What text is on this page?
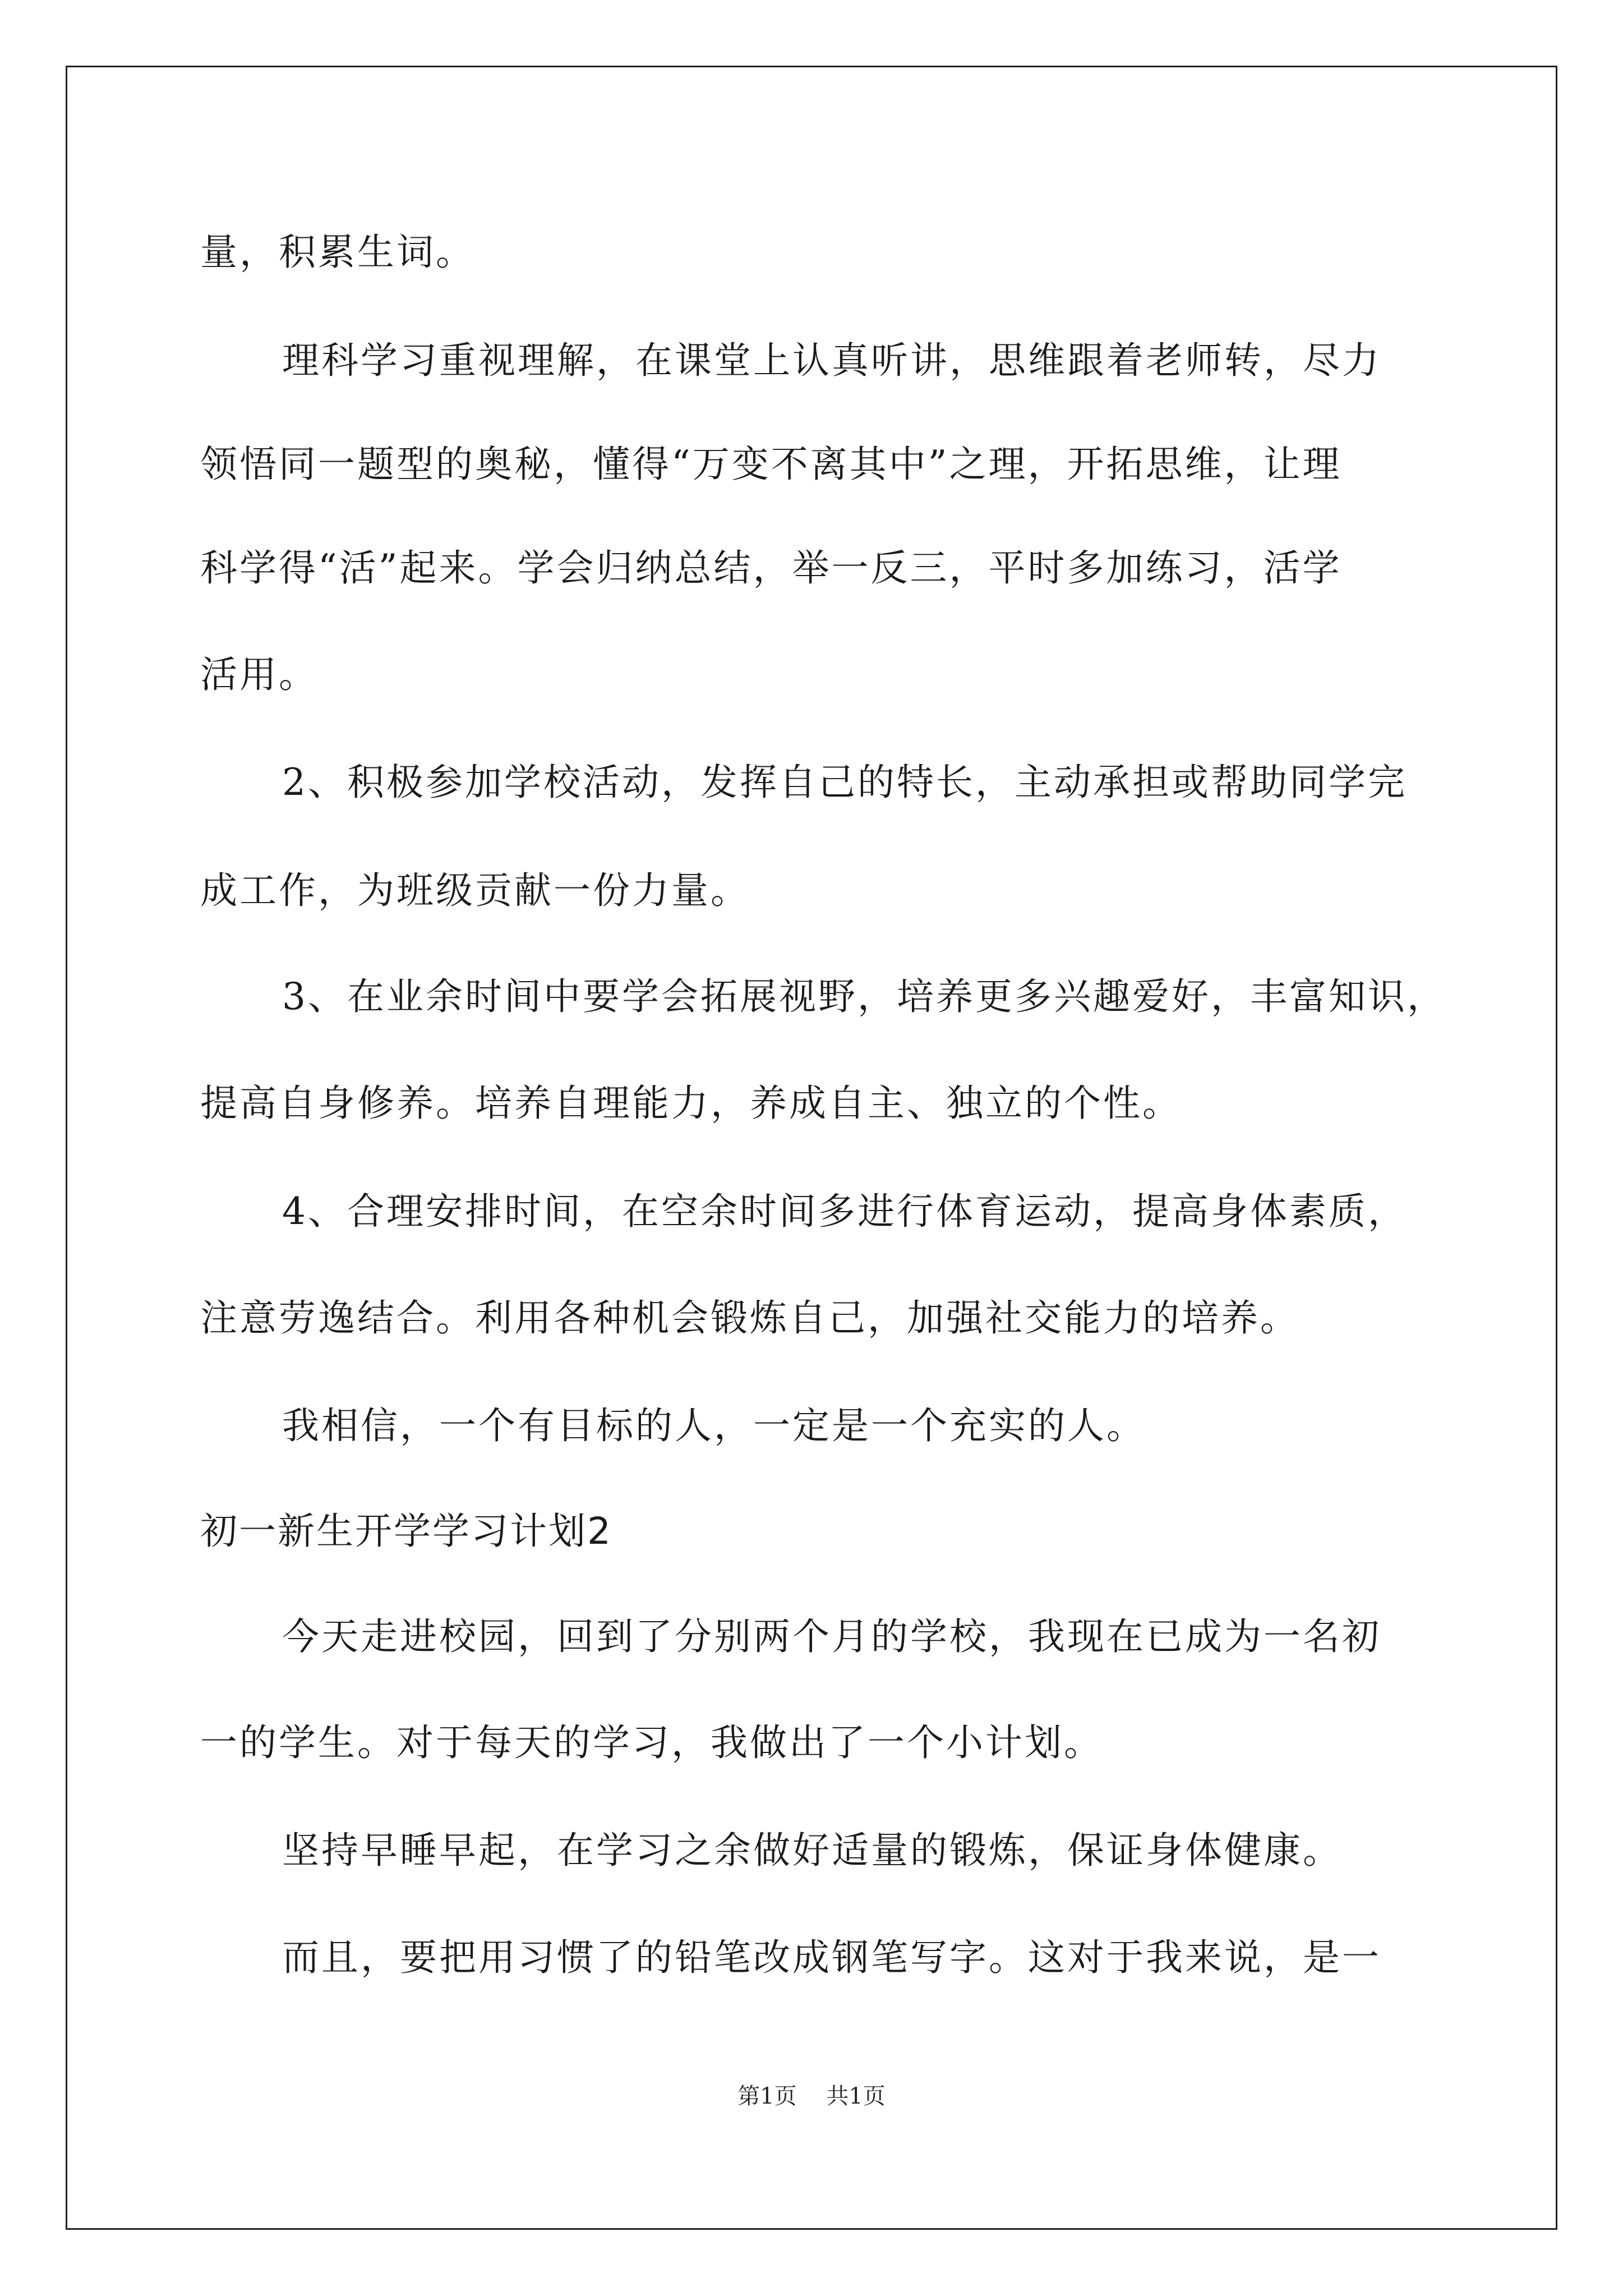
量，积累生词。
理科学习重视理解，在课堂上认真听讲，思维跟着老师转，尽力
领悟同一题型的奥秘，懂得“万变不离其中”之理，开拓思维，让理
科学得“活”起来。学会归纳总结，举一反三，平时多加练习，活学
活用。
2、积极参加学校活动，发挥自己的特长，主动承担或帮助同学完
成工作，为班级贡献一份力量。
3、在业余时间中要学会拓展视野，培养更多兴趣爱好，丰富知识，
提高自身修养。培养自理能力，养成自主、独立的个性。
4、合理安排时间，在空余时间多进行体育运动，提高身体素质，
注意劳逸结合。利用各种机会锻炼自己，加强社交能力的培养。
我相信，一个有目标的人，一定是一个充实的人。
初一新生开学学习计划2
今天走进校园，回到了分别两个月的学校，我现在已成为一名初
一的学生。对于每天的学习，我做出了一个小计划。
坚持早睡早起，在学习之余做好适量的锻炼，保证身体健康。
而且，要把用习惯了的铅笔改成钢笔写字。这对于我来说，是一
第1页 共1页
